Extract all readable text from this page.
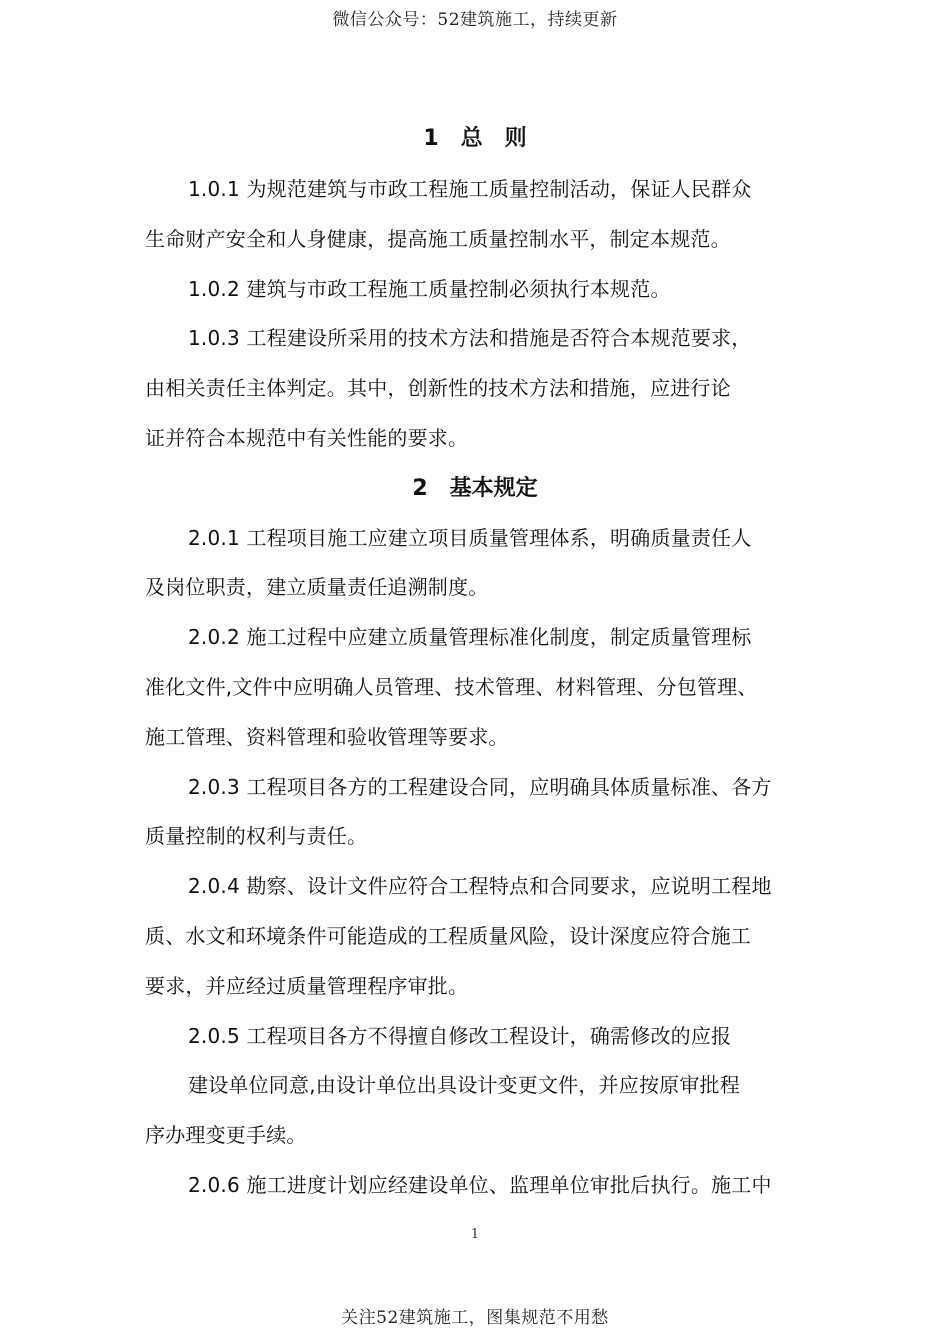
微信公众号：52建筑施工，持续更新
1　总　则
1.0.1 为规范建筑与市政工程施工质量控制活动，保证人民群众
生命财产安全和人身健康，提高施工质量控制水平，制定本规范。
1.0.2 建筑与市政工程施工质量控制必须执行本规范。
1.0.3 工程建设所采用的技术方法和措施是否符合本规范要求，
由相关责任主体判定。其中，创新性的技术方法和措施，应进行论
证并符合本规范中有关性能的要求。
2　基本规定
2.0.1 工程项目施工应建立项目质量管理体系，明确质量责任人
及岗位职责，建立质量责任追溯制度。
2.0.2 施工过程中应建立质量管理标准化制度，制定质量管理标
准化文件,文件中应明确人员管理、技术管理、材料管理、分包管理、
施工管理、资料管理和验收管理等要求。
2.0.3 工程项目各方的工程建设合同，应明确具体质量标准、各方
质量控制的权利与责任。
2.0.4 勘察、设计文件应符合工程特点和合同要求，应说明工程地
质、水文和环境条件可能造成的工程质量风险，设计深度应符合施工
要求，并应经过质量管理程序审批。
2.0.5 工程项目各方不得擅自修改工程设计，确需修改的应报
建设单位同意,由设计单位出具设计变更文件，并应按原审批程
序办理变更手续。
2.0.6 施工进度计划应经建设单位、监理单位审批后执行。施工中
1
关注52建筑施工，图集规范不用愁
